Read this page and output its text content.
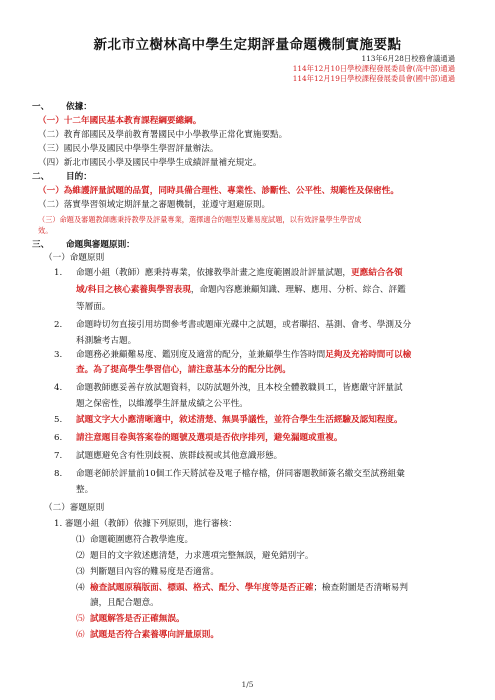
新北市立樹林高中學生定期評量命題機制實施要點
113年6月28日校務會議通過
114年12月10日學校課程發展委員會(高中部)通過
114年12月19日學校課程發展委員會(國中部)通過
一、 依據：
（一）十二年國民基本教育課程綱要總綱。
（二）教育部國民及學前教育署國民中小學教學正常化實施要點。
（三）國民小學及國民中學學生學習評量辦法。
（四）新北市國民小學及國民中學學生成績評量補充規定。
二、 目的：
（一）為維護評量試題的品質，同時具備合理性、專業性、診斷性、公平性、規範性及保密性。
（二）落實學習領域定期評量之審題機制，並遵守迴避原則。
（三）命題及審題教師應秉持教學及評量專業，選擇適合的題型及難易度試題，以有效評量學生學習成
效。
三、 命題與審題原則：
（一）命題原則
1. 命題小組（教師）應秉持專業，依據教學計畫之進度範圍設計評量試題，更應結合各領
域/科目之核心素養與學習表現，命題內容應兼顧知識、理解、應用、分析、綜合、評鑑
等層面。
2. 命題時切勿直接引用坊間參考書或題庫光碟中之試題，或者聯招、基測、會考、學測及分
科測驗考古題。
3. 命題務必兼顧難易度、鑑別度及適當的配分，並兼顧學生作答時間足夠及充裕時間可以檢
查。為了提高學生學習信心，請注意基本分的配分比例。
4. 命題教師應妥善存放試題資料，以防試題外洩，且本校全體教職員工，皆應嚴守評量試
題之保密性，以維護學生評量成績之公平性。
5. 試題文字大小應清晰適中，敘述清楚、無異爭議性，並符合學生生活經驗及認知程度。
6. 請注意題目卷與答案卷的題號及選項是否依序排列，避免漏題或重複。
7. 試題應避免含有性別歧視、族群歧視或其他意識形態。
8. 命題老師於評量前10個工作天將試卷及電子檔存檔，併同審題教師簽名繳交至試務組彙
整。
（二）審題原則
1. 審題小組（教師）依據下列原則，進行審核：
⑴ 命題範圍應符合教學進度。
⑵ 題目的文字敘述應清楚，力求選項完整無誤，避免錯別字。
⑶ 判斷題目內容的難易度是否適當。
⑷ 檢查試題原稿版面、標頭、格式、配分、學年度等是否正確；檢查附圖是否清晰易判
讀，且配合題意。
⑸ 試題解答是否正確無誤。
⑹ 試題是否符合素養導向評量原則。
1/5
